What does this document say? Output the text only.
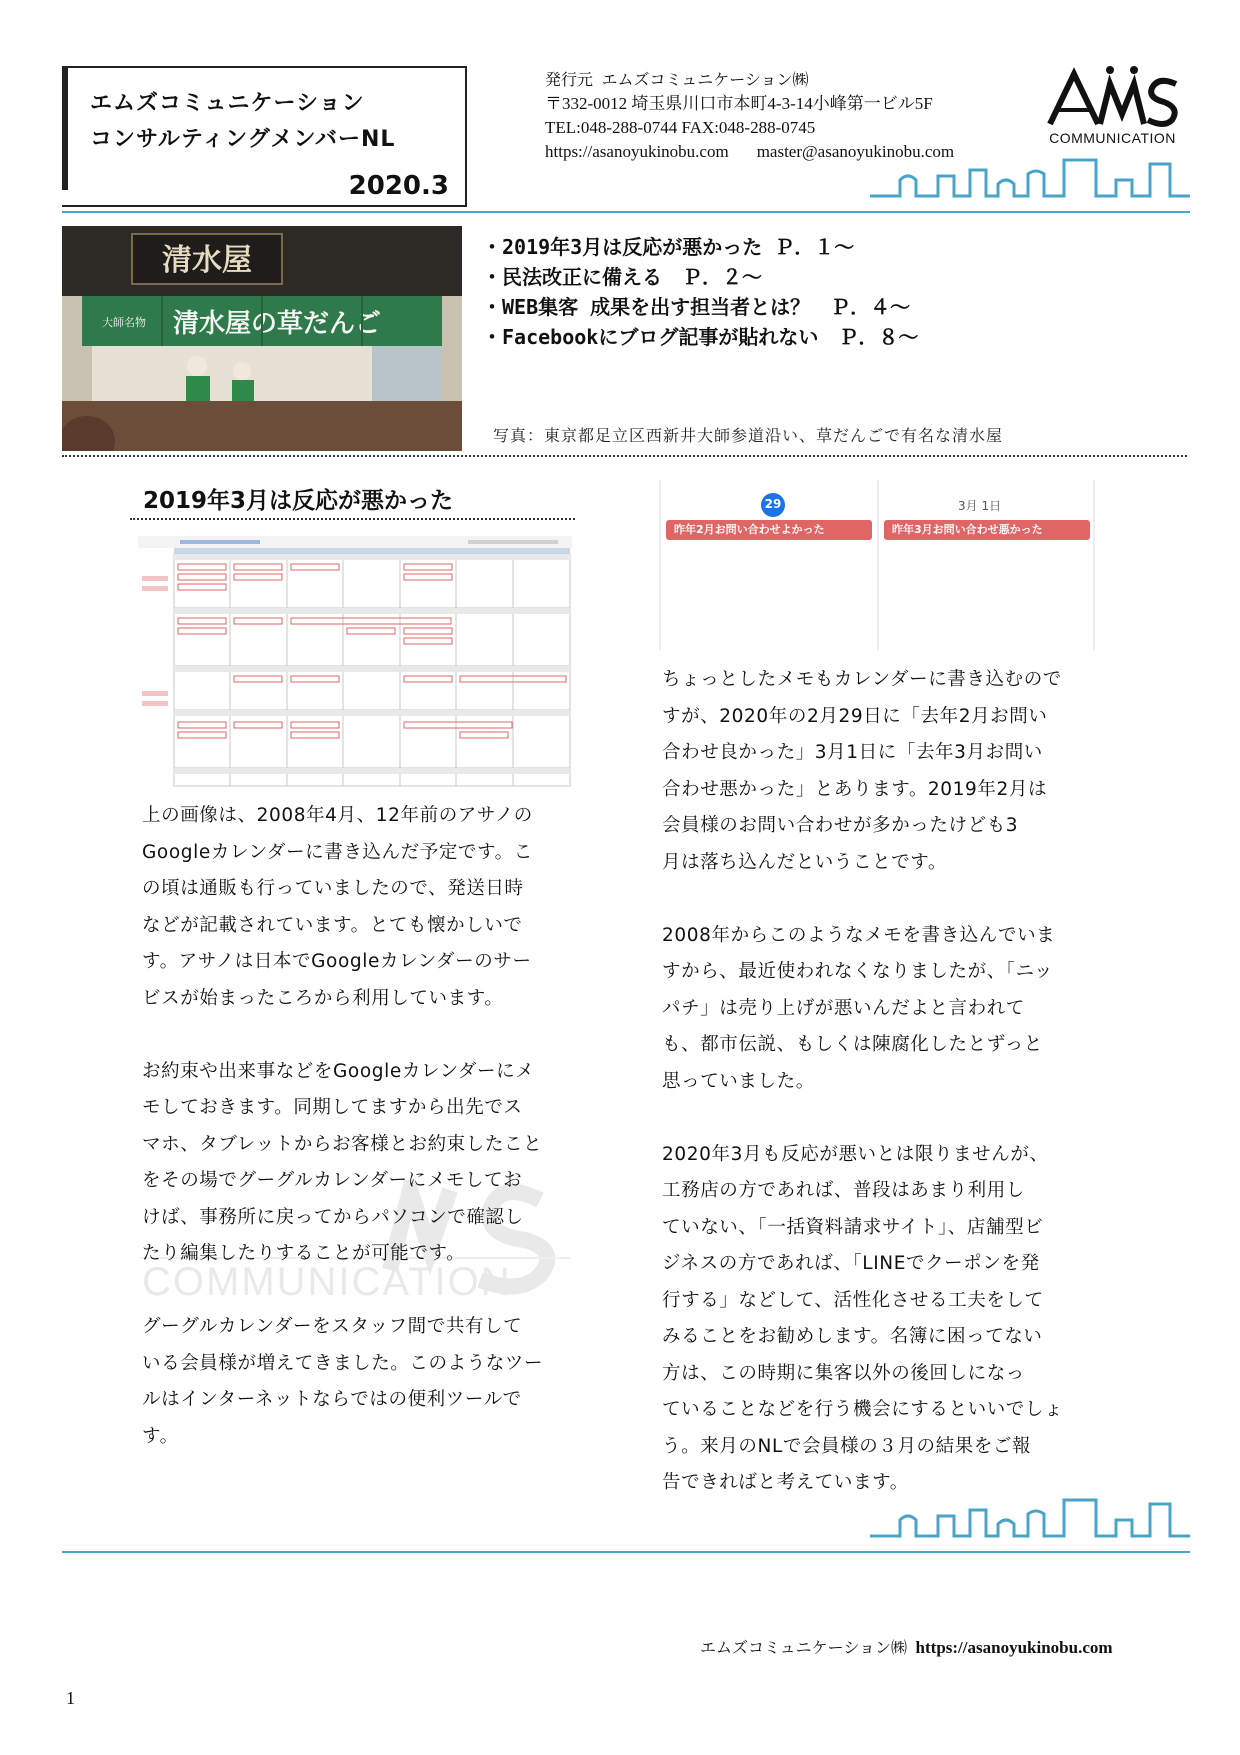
エムズコミュニケーション
コンサルティングメンバーNL
2020.3
発行元 エムズコミュニケーション㈱
〒332-0012 埼玉県川口市本町4-3-14小峰第一ビル5F
TEL:048-288-0744 FAX:048-288-0745
https://asanoyukinobu.com master@asanoyukinobu.com
AMS
COMMUNICATION
清水屋
大師名物 清水屋の草だんご
・2019年3月は反応が悪かった Ｐ．１～
・民法改正に備える　Ｐ．２～
・WEB集客 成果を出す担当者とは？　Ｐ．４～
・Facebookにブログ記事が貼れない　Ｐ．８～
写真：東京都足立区西新井大師参道沿い、草だんごで有名な清水屋
2019年3月は反応が悪かった	29	3月 1日
昨年2月お問い合わせよかった	昨年3月お問い合わせ悪かった
COMMUNICATION
上の画像は、2008年4月、12年前のアサノの
Googleカレンダーに書き込んだ予定です。こ
の頃は通販も行っていましたので、発送日時
などが記載されています。とても懐かしいで
す。アサノは日本でGoogleカレンダーのサー
ビスが始まったころから利用しています。
お約束や出来事などをGoogleカレンダーにメ
モしておきます。同期してますから出先でス
マホ、タブレットからお客様とお約束したこと
をその場でグーグルカレンダーにメモしてお
けば、事務所に戻ってからパソコンで確認し
たり編集したりすることが可能です。
グーグルカレンダーをスタッフ間で共有して
いる会員様が増えてきました。このようなツー
ルはインターネットならではの便利ツールで
す。
ちょっとしたメモもカレンダーに書き込むので
すが、2020年の2月29日に「去年2月お問い
合わせ良かった」3月1日に「去年3月お問い
合わせ悪かった」とあります。2019年2月は
会員様のお問い合わせが多かったけども3
月は落ち込んだということです。
2008年からこのようなメモを書き込んでいま
すから、最近使われなくなりましたが、「ニッ
パチ」は売り上げが悪いんだよと言われて
も、都市伝説、もしくは陳腐化したとずっと
思っていました。
2020年3月も反応が悪いとは限りませんが、
工務店の方であれば、普段はあまり利用し
ていない、「一括資料請求サイト」、店舗型ビ
ジネスの方であれば、「LINEでクーポンを発
行する」などして、活性化させる工夫をして
みることをお勧めします。名簿に困ってない
方は、この時期に集客以外の後回しになっ
ていることなどを行う機会にするといいでしょ
う。来月のNLで会員様の３月の結果をご報
告できればと考えています。
エムズコミュニケーション㈱ https://asanoyukinobu.com
1
